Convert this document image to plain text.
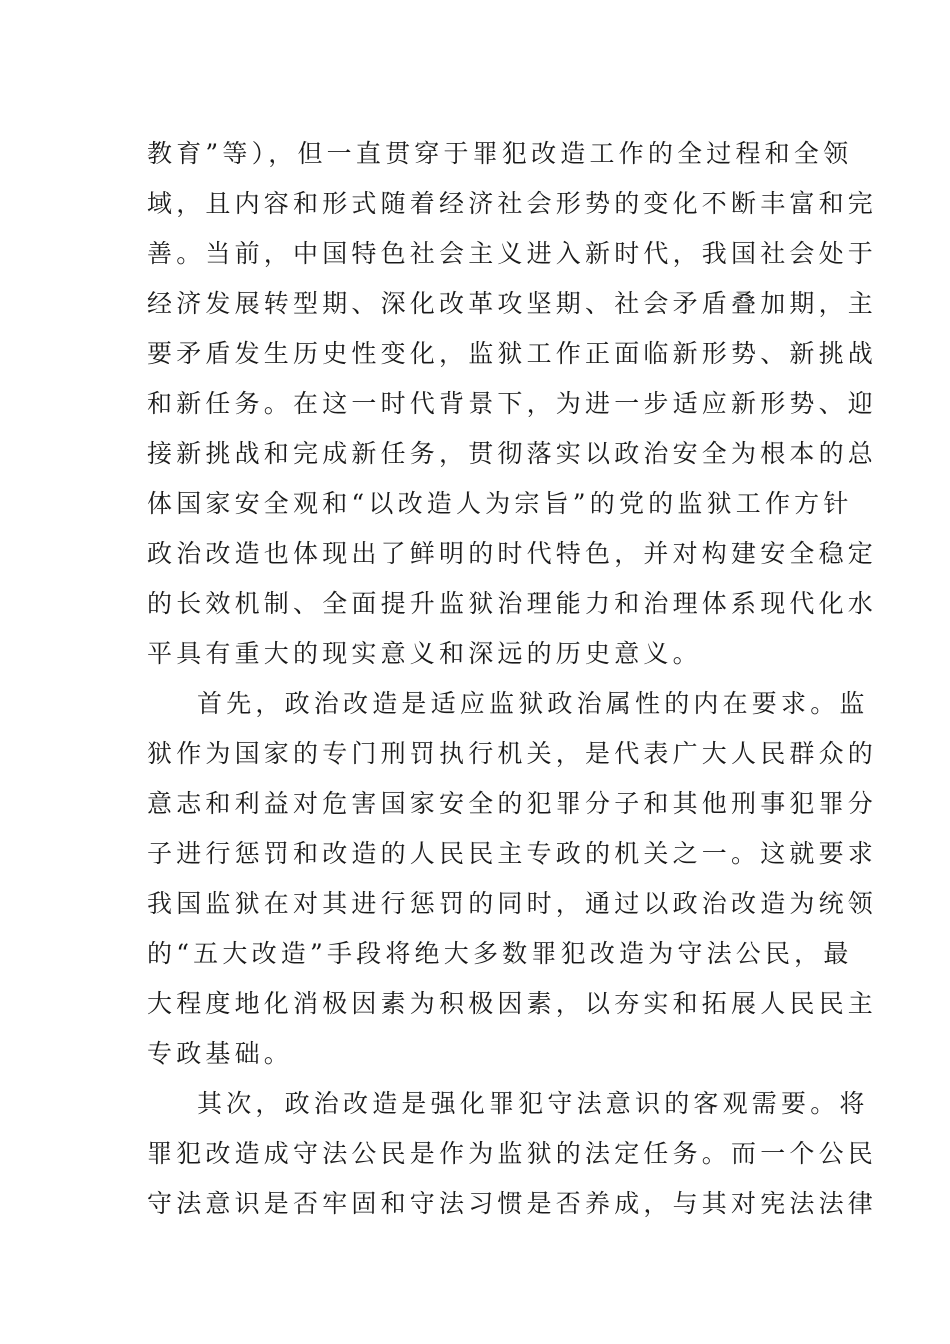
教育”等），但一直贯穿于罪犯改造工作的全过程和全领
域，且内容和形式随着经济社会形势的变化不断丰富和完
善。当前，中国特色社会主义进入新时代，我国社会处于
经济发展转型期、深化改革攻坚期、社会矛盾叠加期，主
要矛盾发生历史性变化，监狱工作正面临新形势、新挑战
和新任务。在这一时代背景下，为进一步适应新形势、迎
接新挑战和完成新任务，贯彻落实以政治安全为根本的总
体国家安全观和“以改造人为宗旨”的党的监狱工作方针
政治改造也体现出了鲜明的时代特色，并对构建安全稳定
的长效机制、全面提升监狱治理能力和治理体系现代化水
平具有重大的现实意义和深远的历史意义。
首先，政治改造是适应监狱政治属性的内在要求。监
狱作为国家的专门刑罚执行机关，是代表广大人民群众的
意志和利益对危害国家安全的犯罪分子和其他刑事犯罪分
子进行惩罚和改造的人民民主专政的机关之一。这就要求
我国监狱在对其进行惩罚的同时，通过以政治改造为统领
的“五大改造”手段将绝大多数罪犯改造为守法公民，最
大程度地化消极因素为积极因素，以夯实和拓展人民民主
专政基础。
其次，政治改造是强化罪犯守法意识的客观需要。将
罪犯改造成守法公民是作为监狱的法定任务。而一个公民
守法意识是否牢固和守法习惯是否养成，与其对宪法法律
